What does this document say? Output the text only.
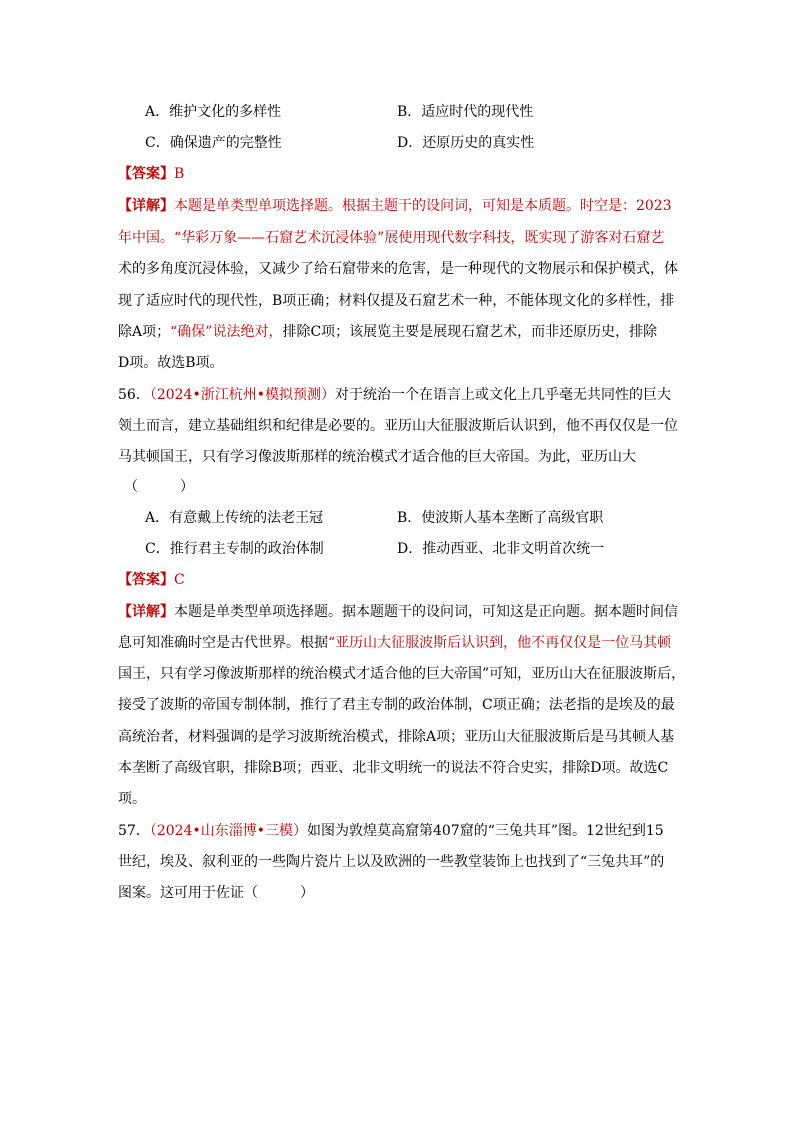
A．维护文化的多样性	B．适应时代的现代性
C．确保遗产的完整性	D．还原历史的真实性
【答案】B
【详解】本题是单类型单项选择题。根据主题干的设问词，可知是本质题。时空是：2023
年中国。“华彩万象——石窟艺术沉浸体验”展使用现代数字科技，既实现了游客对石窟艺
术的多角度沉浸体验，又减少了给石窟带来的危害，是一种现代的文物展示和保护模式，体
现了适应时代的现代性，B项正确；材料仅提及石窟艺术一种，不能体现文化的多样性，排
除A项；“确保”说法绝对，排除C项；该展览主要是展现石窟艺术，而非还原历史，排除
D项。故选B项。
56．（2024•浙江杭州•模拟预测）对于统治一个在语言上或文化上几乎毫无共同性的巨大
领土而言，建立基础组织和纪律是必要的。亚历山大征服波斯后认识到，他不再仅仅是一位
马其顿国王，只有学习像波斯那样的统治模式才适合他的巨大帝国。为此，亚历山大
（　　　）
A．有意戴上传统的法老王冠	B．使波斯人基本垄断了高级官职
C．推行君主专制的政治体制	D．推动西亚、北非文明首次统一
【答案】C
【详解】本题是单类型单项选择题。据本题题干的设问词，可知这是正向题。据本题时间信
息可知准确时空是古代世界。根据“亚历山大征服波斯后认识到，他不再仅仅是一位马其顿
国王，只有学习像波斯那样的统治模式才适合他的巨大帝国”可知，亚历山大在征服波斯后，
接受了波斯的帝国专制体制，推行了君主专制的政治体制，C项正确；法老指的是埃及的最
高统治者，材料强调的是学习波斯统治模式，排除A项；亚历山大征服波斯后是马其顿人基
本垄断了高级官职，排除B项；西亚、北非文明统一的说法不符合史实，排除D项。故选C
项。
57．（2024•山东淄博•三模）如图为敦煌莫高窟第407窟的“三兔共耳”图。12世纪到15
世纪，埃及、叙利亚的一些陶片瓷片上以及欧洲的一些教堂装饰上也找到了“三兔共耳”的
图案。这可用于佐证（　　　）
